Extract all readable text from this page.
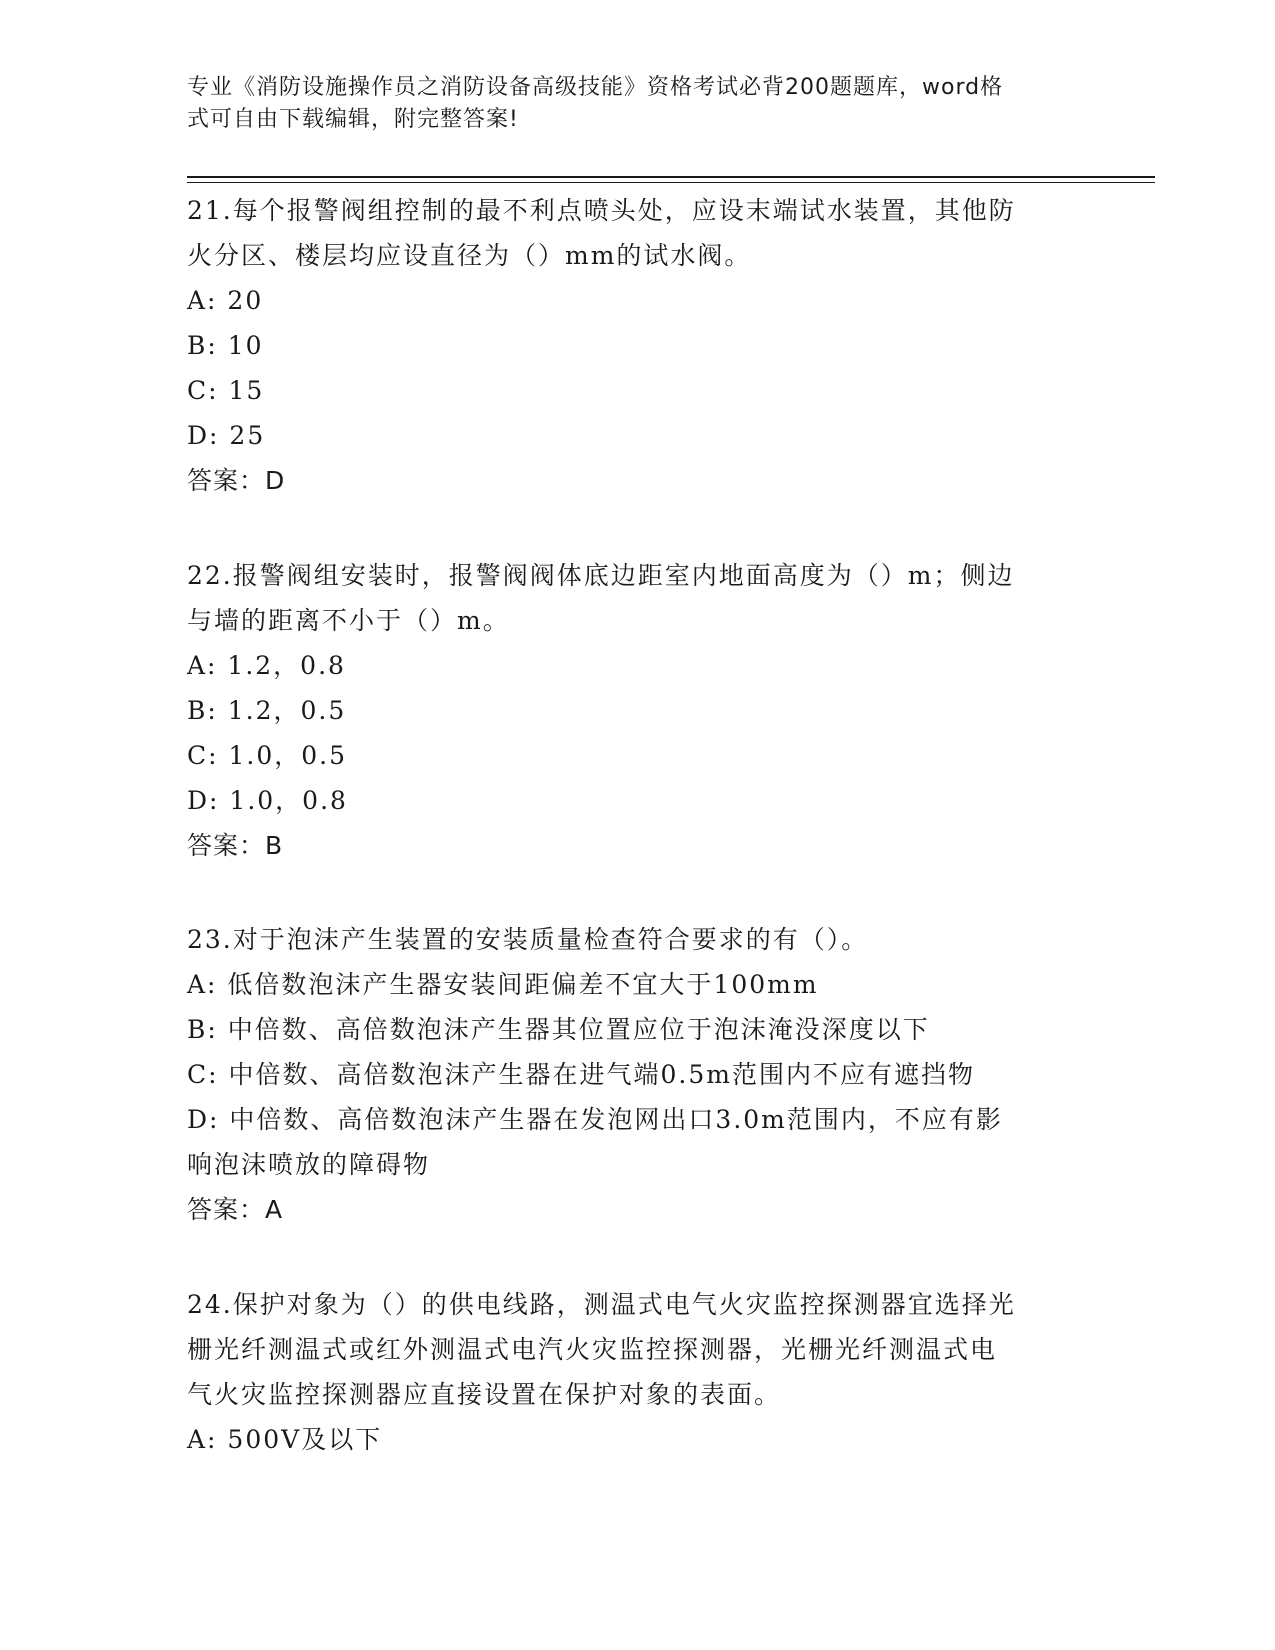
专业《消防设施操作员之消防设备高级技能》资格考试必背200题题库，word格
式可自由下载编辑，附完整答案!
21.每个报警阀组控制的最不利点喷头处，应设末端试水装置，其他防
火分区、楼层均应设直径为（）mm的试水阀。
A: 20
B: 10
C: 15
D: 25
答案：D
22.报警阀组安装时，报警阀阀体底边距室内地面高度为（）m；侧边
与墙的距离不小于（）m。
A: 1.2，0.8
B: 1.2，0.5
C: 1.0，0.5
D: 1.0，0.8
答案：B
23.对于泡沫产生装置的安装质量检查符合要求的有（）。
A: 低倍数泡沫产生器安装间距偏差不宜大于100mm
B: 中倍数、高倍数泡沫产生器其位置应位于泡沫淹没深度以下
C: 中倍数、高倍数泡沫产生器在进气端0.5m范围内不应有遮挡物
D: 中倍数、高倍数泡沫产生器在发泡网出口3.0m范围内，不应有影
响泡沫喷放的障碍物
答案：A
24.保护对象为（）的供电线路，测温式电气火灾监控探测器宜选择光
栅光纤测温式或红外测温式电汽火灾监控探测器，光栅光纤测温式电
气火灾监控探测器应直接设置在保护对象的表面。
A: 500V及以下
